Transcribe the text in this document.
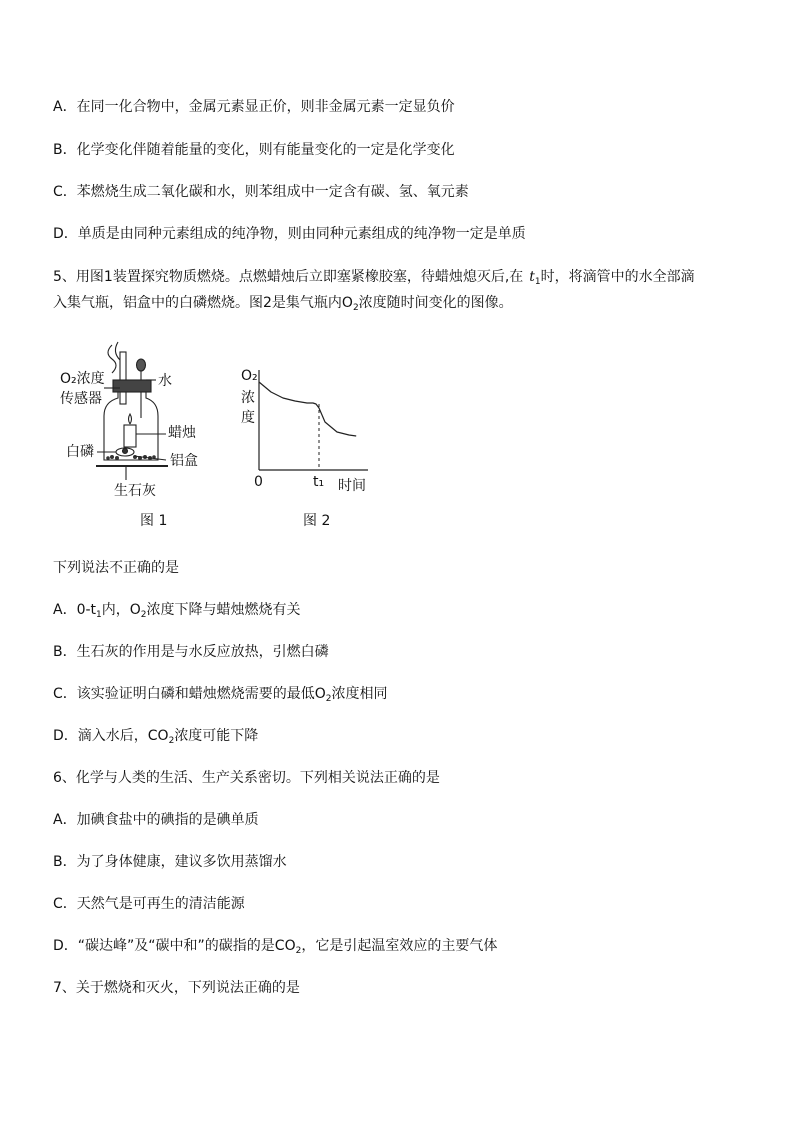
A．在同一化合物中，金属元素显正价，则非金属元素一定显负价
B．化学变化伴随着能量的变化，则有能量变化的一定是化学变化
C．苯燃烧生成二氧化碳和水，则苯组成中一定含有碳、氢、氧元素
D．单质是由同种元素组成的纯净物，则由同种元素组成的纯净物一定是单质
5、用图1装置探究物质燃烧。点燃蜡烛后立即塞紧橡胶塞，待蜡烛熄灭后,在 $t_1$时，将滴管中的水全部滴
入集气瓶，铝盒中的白磷燃烧。图2是集气瓶内$O_2$浓度随时间变化的图像。
O₂浓度
传感器
水
蜡烛
白磷
铝盒
生石灰
图 1
O₂
浓
度
0	t₁ 时间
图 2
下列说法不正确的是
A．$0-t_1$内，$O_2$浓度下降与蜡烛燃烧有关
B．生石灰的作用是与水反应放热，引燃白磷
C．该实验证明白磷和蜡烛燃烧需要的最低$O_2$浓度相同
D．滴入水后，$CO_2$浓度可能下降
6、化学与人类的生活、生产关系密切。下列相关说法正确的是
A．加碘食盐中的碘指的是碘单质
B．为了身体健康，建议多饮用蒸馏水
C．天然气是可再生的清洁能源
D．“碳达峰”及“碳中和”的碳指的是$CO_2$，它是引起温室效应的主要气体
7、关于燃烧和灭火，下列说法正确的是
